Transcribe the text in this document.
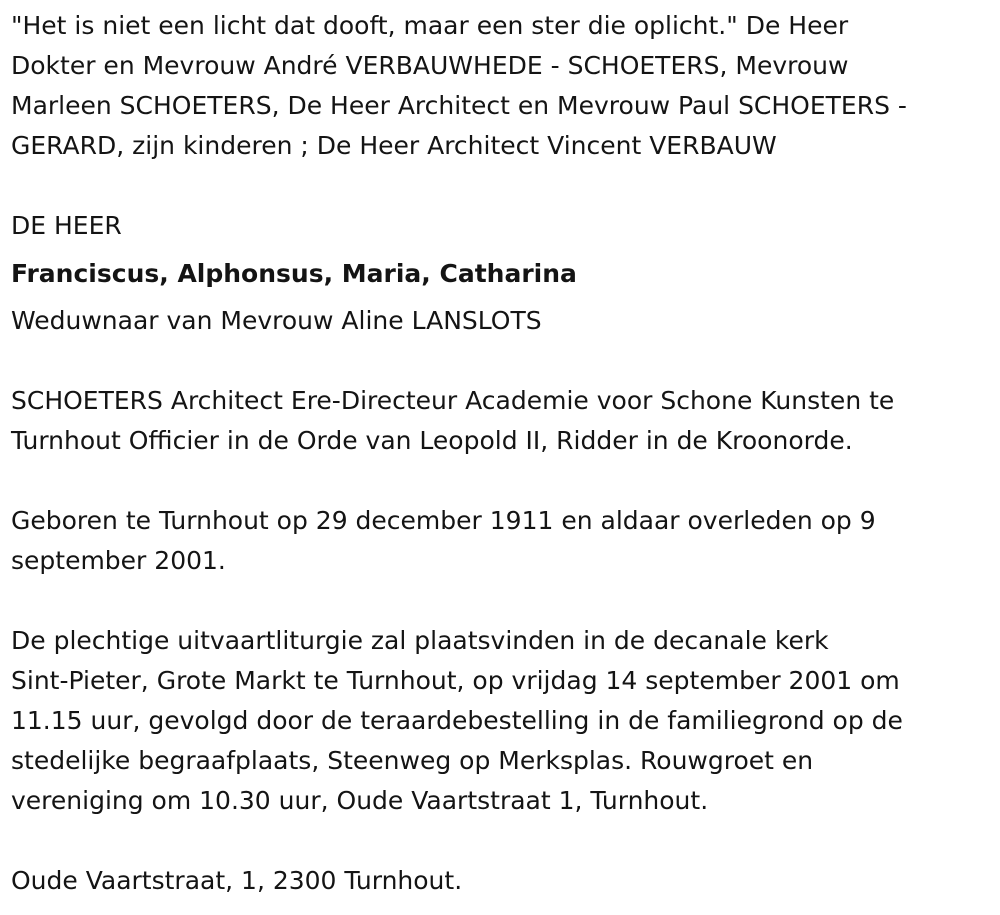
"Het is niet een licht dat dooft, maar een ster die oplicht." De Heer
Dokter en Mevrouw André VERBAUWHEDE - SCHOETERS, Mevrouw
Marleen SCHOETERS, De Heer Architect en Mevrouw Paul SCHOETERS -
GERARD, zijn kinderen ; De Heer Architect Vincent VERBAUW
DE HEER
Franciscus, Alphonsus, Maria, Catharina
Weduwnaar van Mevrouw Aline LANSLOTS
SCHOETERS Architect Ere-Directeur Academie voor Schone Kunsten te
Turnhout Officier in de Orde van Leopold II, Ridder in de Kroonorde.
Geboren te Turnhout op 29 december 1911 en aldaar overleden op 9
september 2001.
De plechtige uitvaartliturgie zal plaatsvinden in de decanale kerk
Sint-Pieter, Grote Markt te Turnhout, op vrijdag 14 september 2001 om
11.15 uur, gevolgd door de teraardebestelling in de familiegrond op de
stedelijke begraafplaats, Steenweg op Merksplas. Rouwgroet en
vereniging om 10.30 uur, Oude Vaartstraat 1, Turnhout.
Oude Vaartstraat, 1, 2300 Turnhout.
